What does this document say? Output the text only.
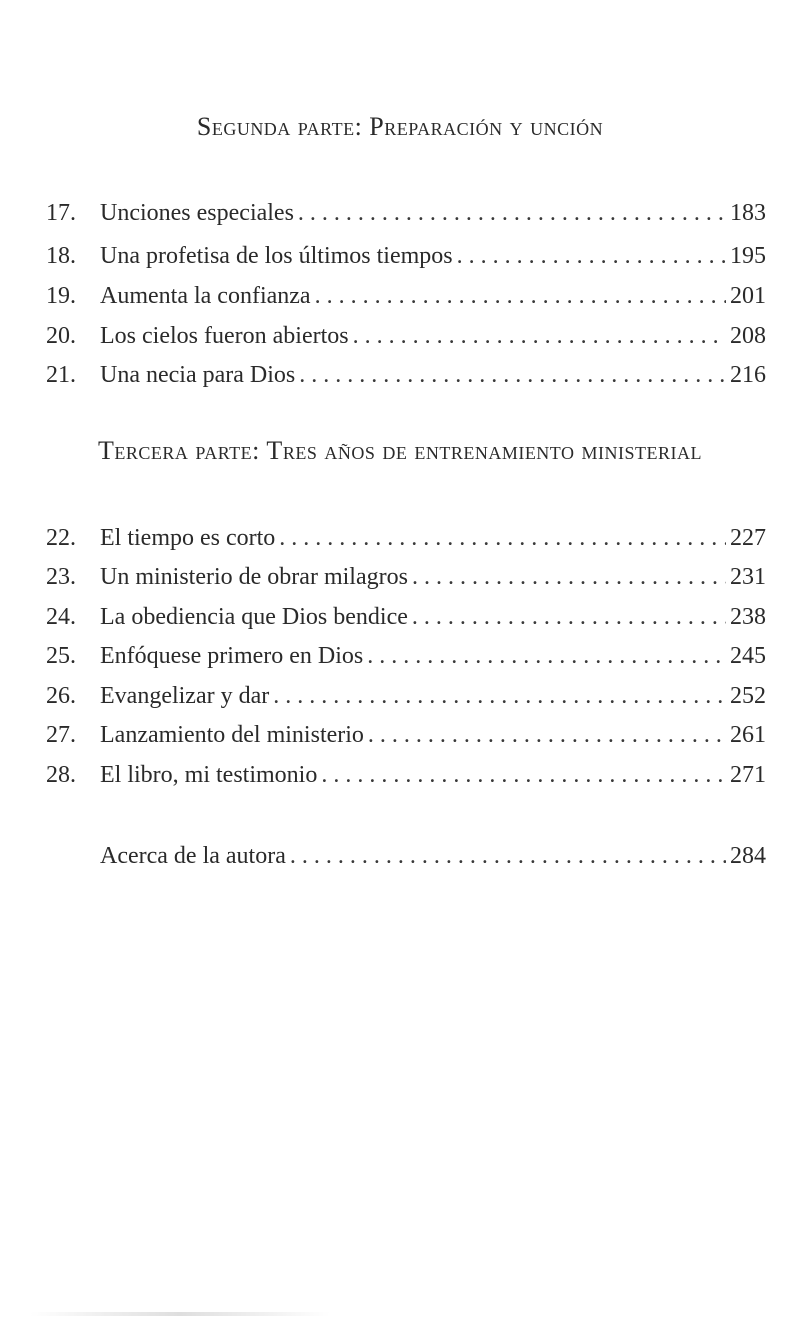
Segunda parte: Preparación y unción
17.	Unciones especiales . . .	183
18.	Una profetisa de los últimos tiempos . . .	195
19.	Aumenta la confianza . . .	201
20.	Los cielos fueron abiertos . . .	208
21.	Una necia para Dios . . .	216
Tercera parte: Tres años de entrenamiento ministerial
22.	El tiempo es corto . . .	227
23.	Un ministerio de obrar milagros . . .	231
24.	La obediencia que Dios bendice . . .	238
25.	Enfóquese primero en Dios . . .	245
26.	Evangelizar y dar . . .	252
27.	Lanzamiento del ministerio . . .	261
28.	El libro, mi testimonio . . .	271
Acerca de la autora . . .	284
